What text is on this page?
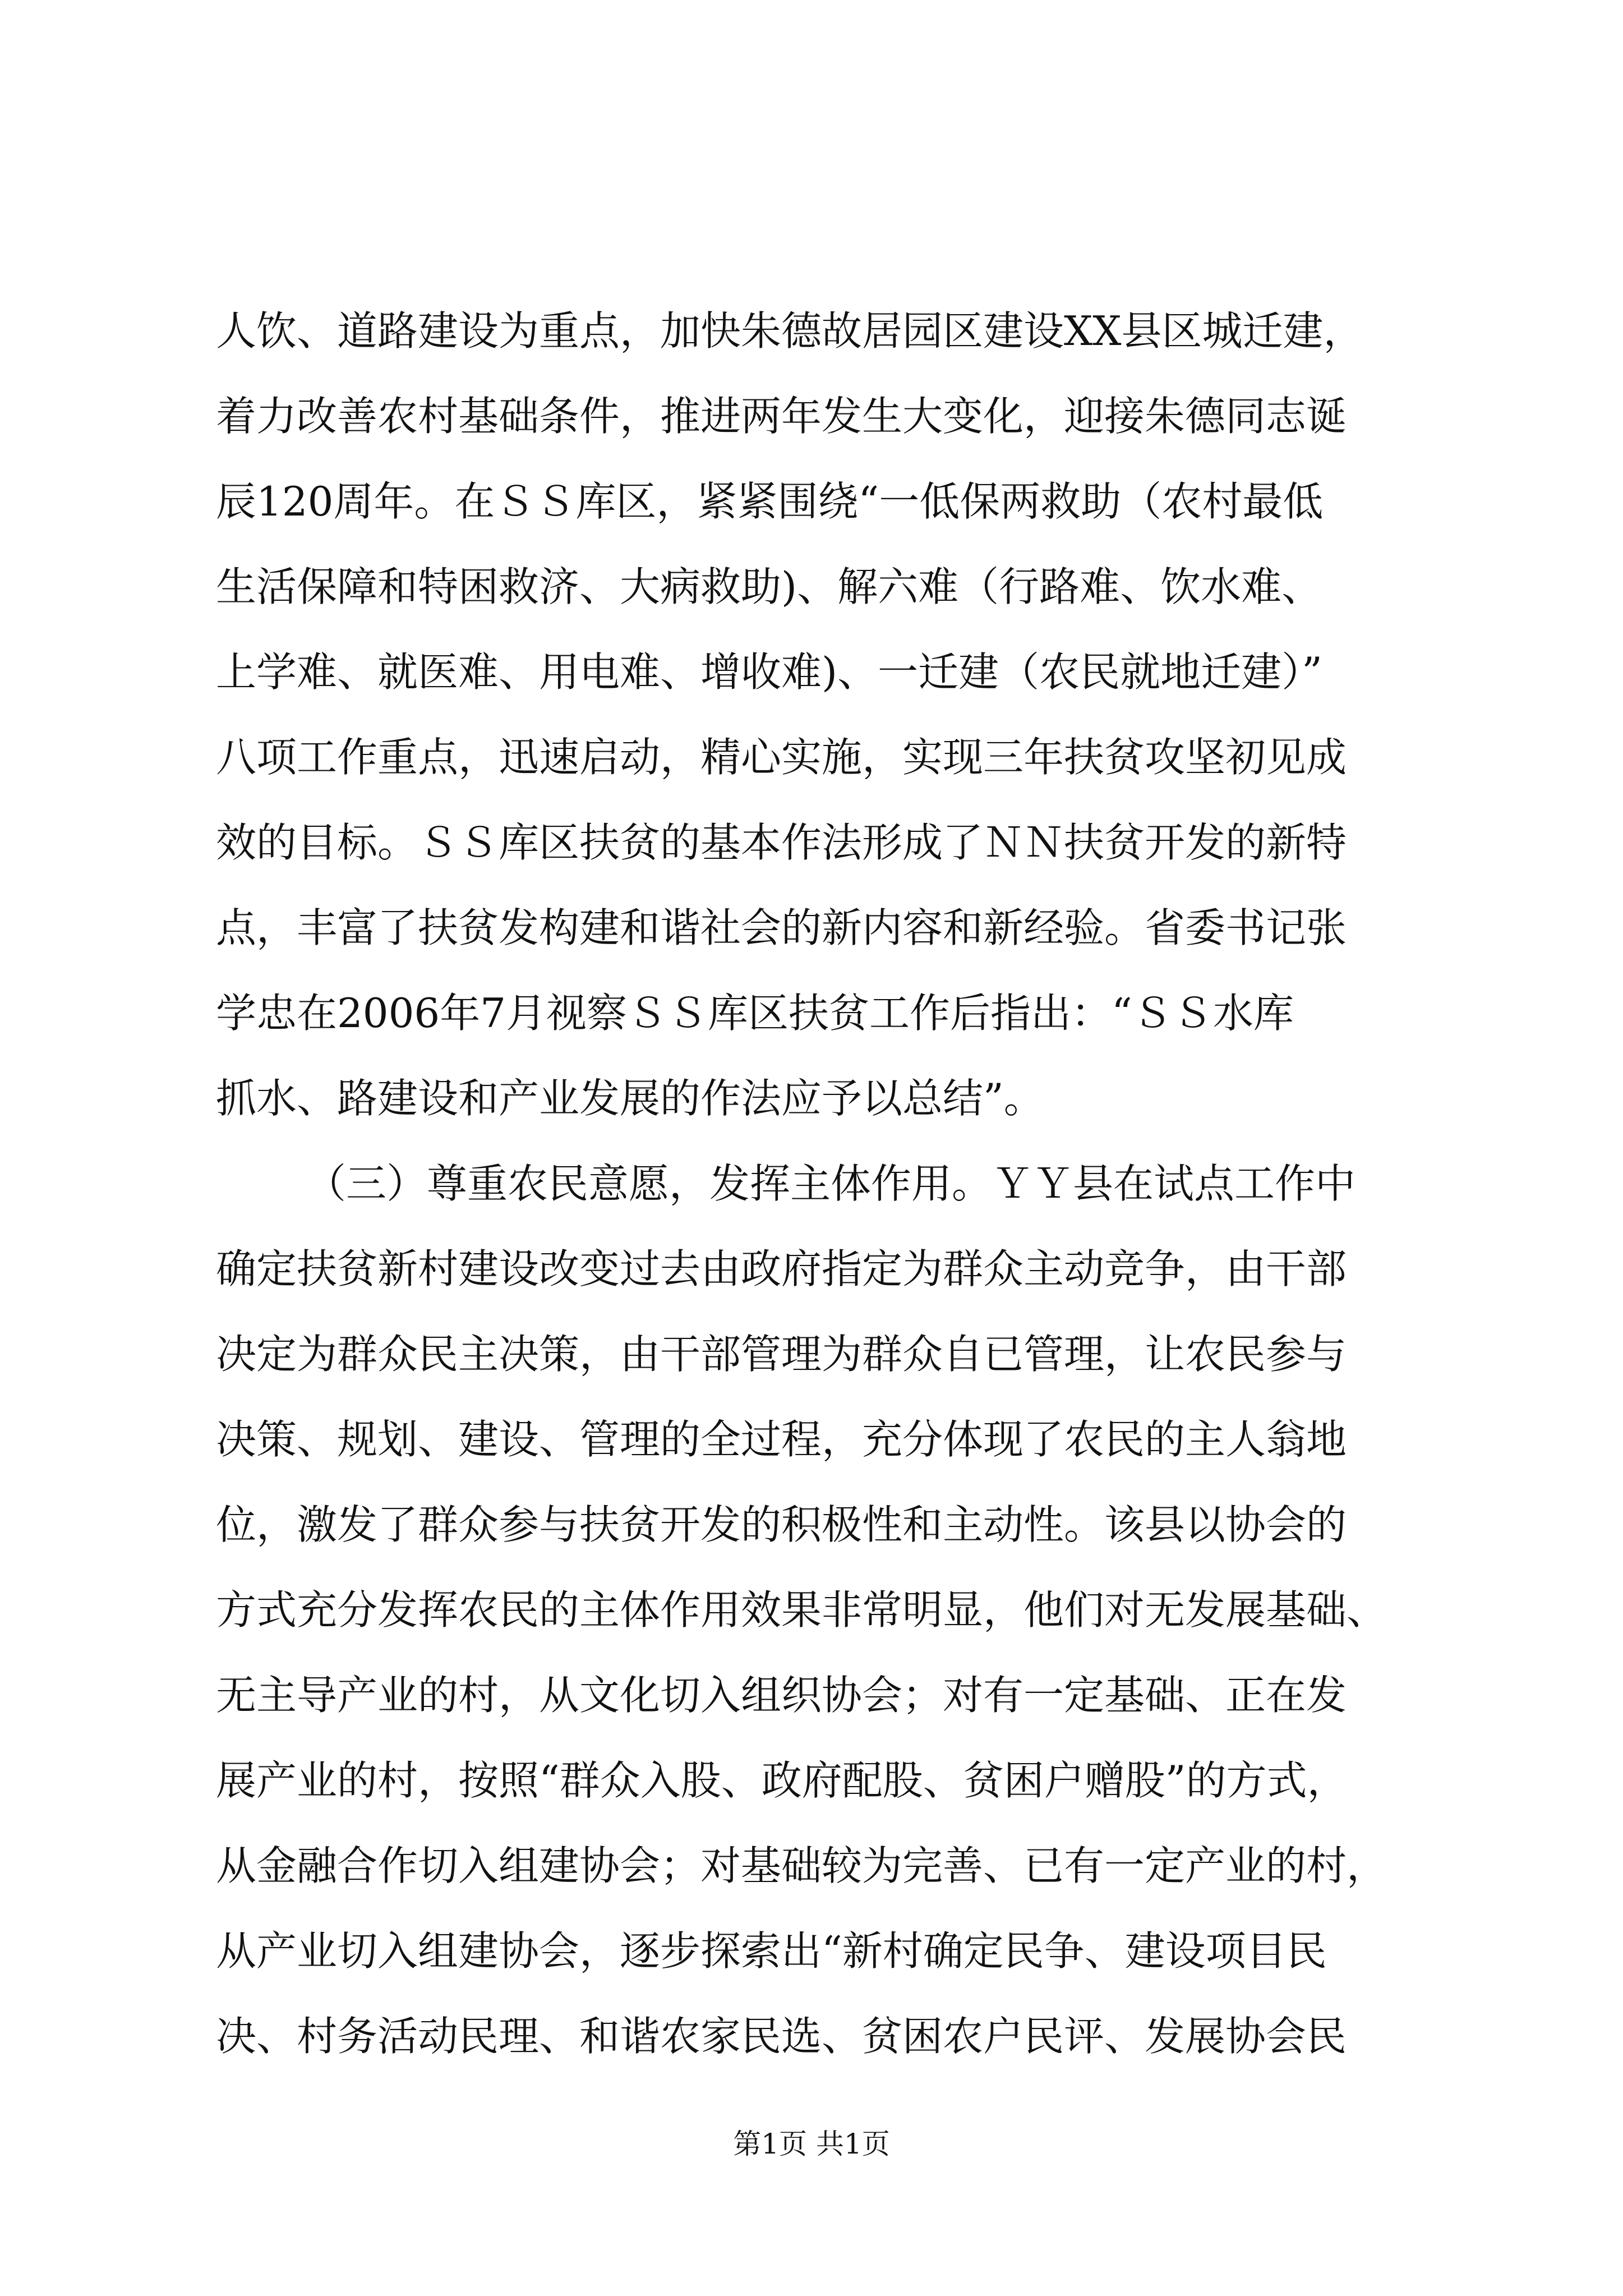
人饮、道路建设为重点，加快朱德故居园区建设XX县区城迁建，
着力改善农村基础条件，推进两年发生大变化，迎接朱德同志诞
辰120周年。在ＳＳ库区，紧紧围绕“一低保两救助（农村最低
生活保障和特困救济、大病救助)、解六难（行路难、饮水难、
上学难、就医难、用电难、增收难)、一迁建（农民就地迁建）”
八项工作重点，迅速启动，精心实施，实现三年扶贫攻坚初见成
效的目标。ＳＳ库区扶贫的基本作法形成了ＮＮ扶贫开发的新特
点，丰富了扶贫发构建和谐社会的新内容和新经验。省委书记张
学忠在2006年7月视察ＳＳ库区扶贫工作后指出：“ＳＳ水库
抓水、路建设和产业发展的作法应予以总结”。
（三）尊重农民意愿，发挥主体作用。ＹＹ县在试点工作中
确定扶贫新村建设改变过去由政府指定为群众主动竞争，由干部
决定为群众民主决策，由干部管理为群众自已管理，让农民参与
决策、规划、建设、管理的全过程，充分体现了农民的主人翁地
位，激发了群众参与扶贫开发的积极性和主动性。该县以协会的
方式充分发挥农民的主体作用效果非常明显，他们对无发展基础、
无主导产业的村，从文化切入组织协会；对有一定基础、正在发
展产业的村，按照“群众入股、政府配股、贫困户赠股”的方式，
从金融合作切入组建协会；对基础较为完善、已有一定产业的村，
从产业切入组建协会，逐步探索出“新村确定民争、建设项目民
决、村务活动民理、和谐农家民选、贫困农户民评、发展协会民
第1页 共1页
